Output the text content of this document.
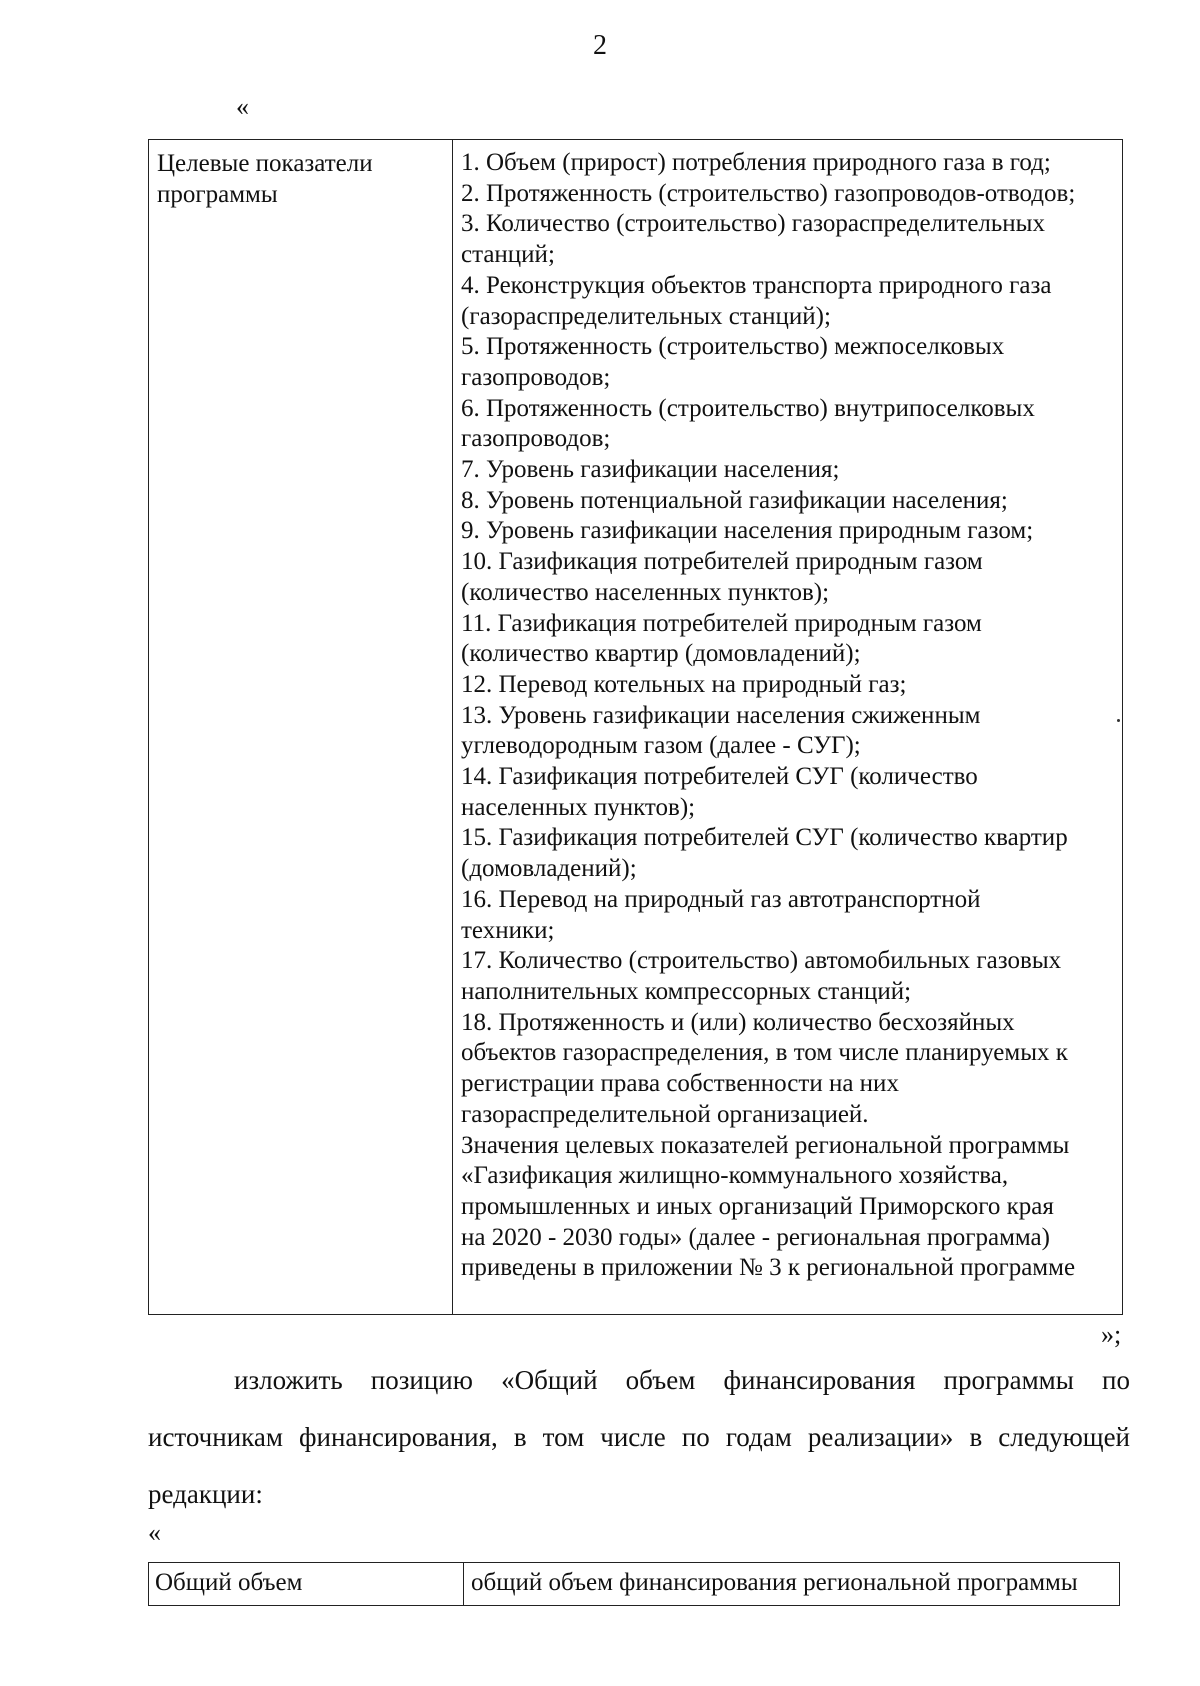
2
«
Целевые показатели
программы
1. Объем (прирост) потребления природного газа в год;
2. Протяженность (строительство) газопроводов-отводов;
3. Количество (строительство) газораспределительных
станций;
4. Реконструкция объектов транспорта природного газа
(газораспределительных станций);
5. Протяженность (строительство) межпоселковых
газопроводов;
6. Протяженность (строительство) внутрипоселковых
газопроводов;
7. Уровень газификации населения;
8. Уровень потенциальной газификации населения;
9. Уровень газификации населения природным газом;
10. Газификация потребителей природным газом
(количество населенных пунктов);
11. Газификация потребителей природным газом
(количество квартир (домовладений);
12. Перевод котельных на природный газ;
13. Уровень газификации населения сжиженным
углеводородным газом (далее - СУГ);
14. Газификация потребителей СУГ (количество
населенных пунктов);
15. Газификация потребителей СУГ (количество квартир
(домовладений);
16. Перевод на природный газ автотранспортной
техники;
17. Количество (строительство) автомобильных газовых
наполнительных компрессорных станций;
18. Протяженность и (или) количество бесхозяйных
объектов газораспределения, в том числе планируемых к
регистрации права собственности на них
газораспределительной организацией.
Значения целевых показателей региональной программы
«Газификация жилищно-коммунального хозяйства,
промышленных и иных организаций Приморского края
на 2020 - 2030 годы» (далее - региональная программа)
приведены в приложении № 3 к региональной программе
»;
изложить позицию «Общий объем финансирования программы по
источникам финансирования, в том числе по годам реализации» в следующей
редакции:
«
Общий объем	общий объем финансирования региональной программы
